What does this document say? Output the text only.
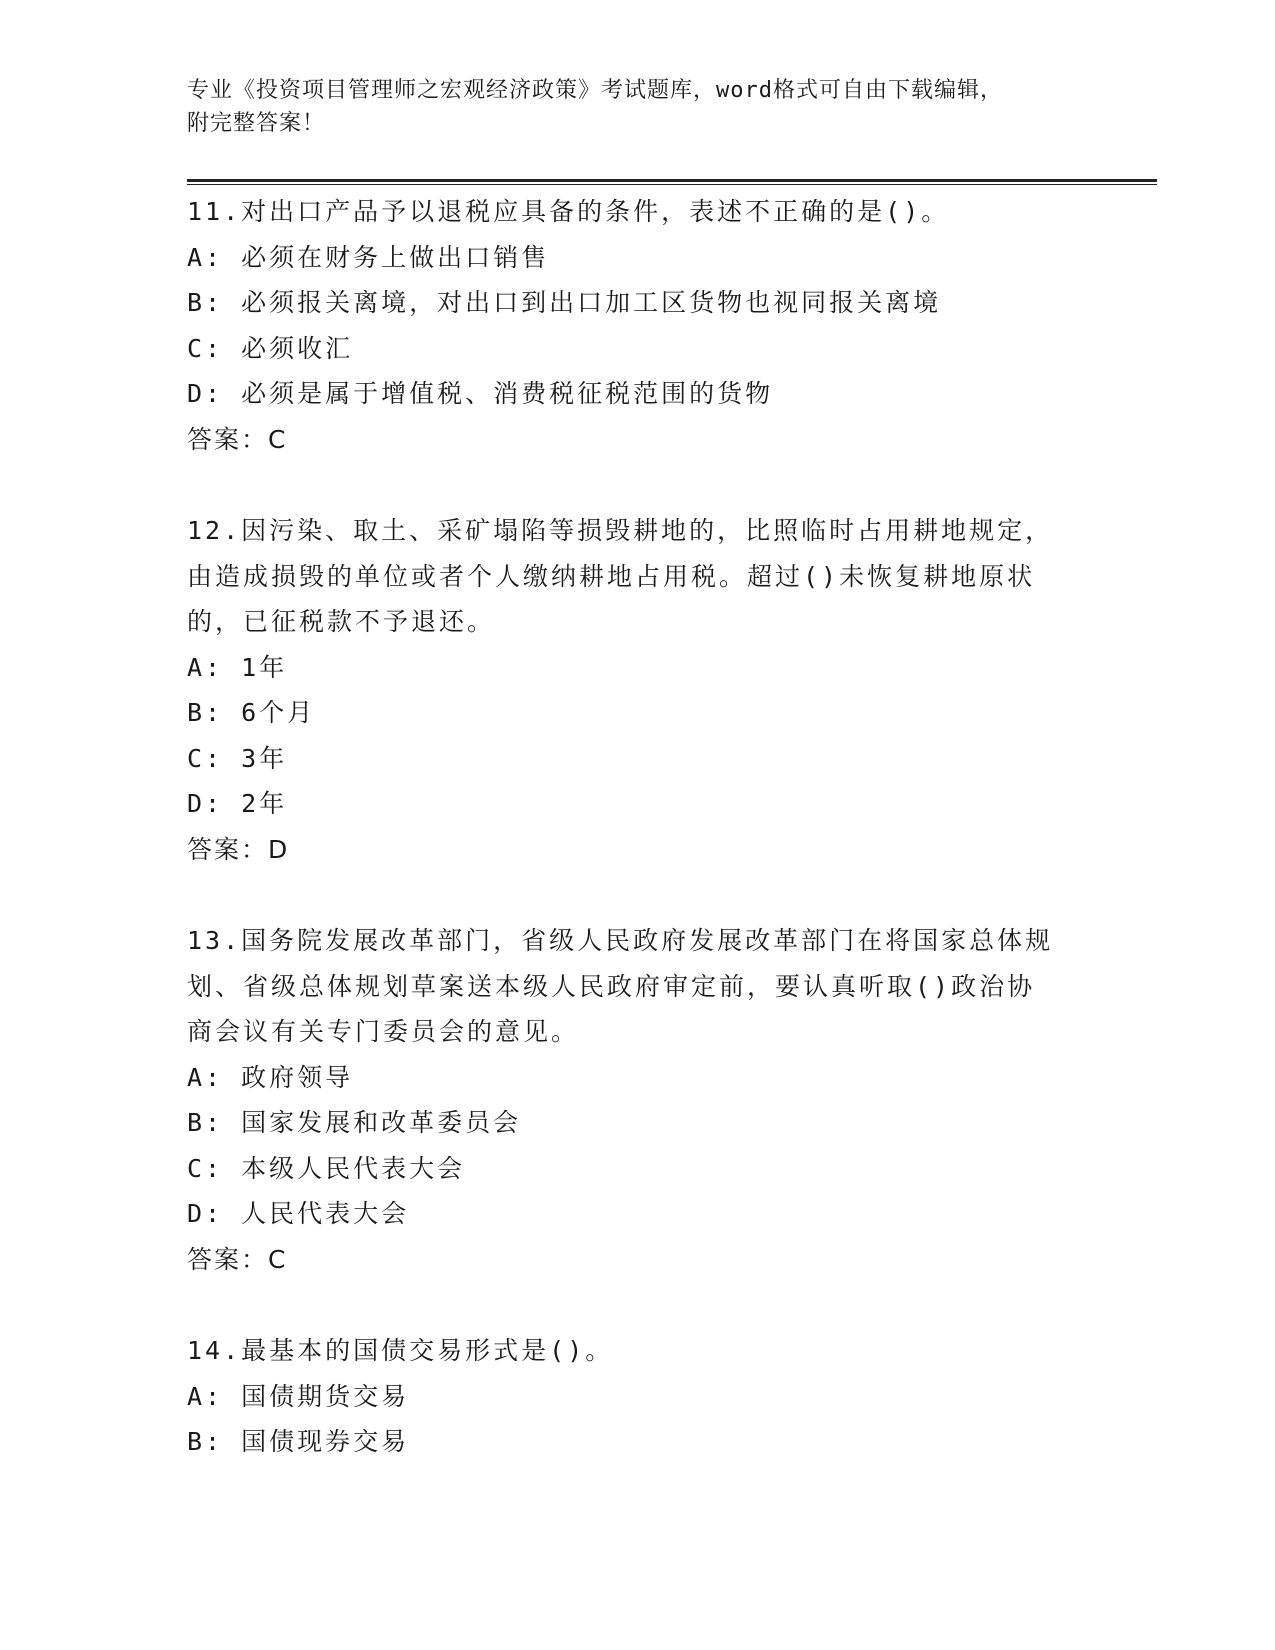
专业《投资项目管理师之宏观经济政策》考试题库，word格式可自由下载编辑，
附完整答案！
11.对出口产品予以退税应具备的条件，表述不正确的是()。
A: 必须在财务上做出口销售
B: 必须报关离境，对出口到出口加工区货物也视同报关离境
C: 必须收汇
D: 必须是属于增值税、消费税征税范围的货物
答案：C
12.因污染、取土、采矿塌陷等损毁耕地的，比照临时占用耕地规定，
由造成损毁的单位或者个人缴纳耕地占用税。超过()未恢复耕地原状
的，已征税款不予退还。
A: 1年
B: 6个月
C: 3年
D: 2年
答案：D
13.国务院发展改革部门，省级人民政府发展改革部门在将国家总体规
划、省级总体规划草案送本级人民政府审定前，要认真听取()政治协
商会议有关专门委员会的意见。
A: 政府领导
B: 国家发展和改革委员会
C: 本级人民代表大会
D: 人民代表大会
答案：C
14.最基本的国债交易形式是()。
A: 国债期货交易
B: 国债现券交易
